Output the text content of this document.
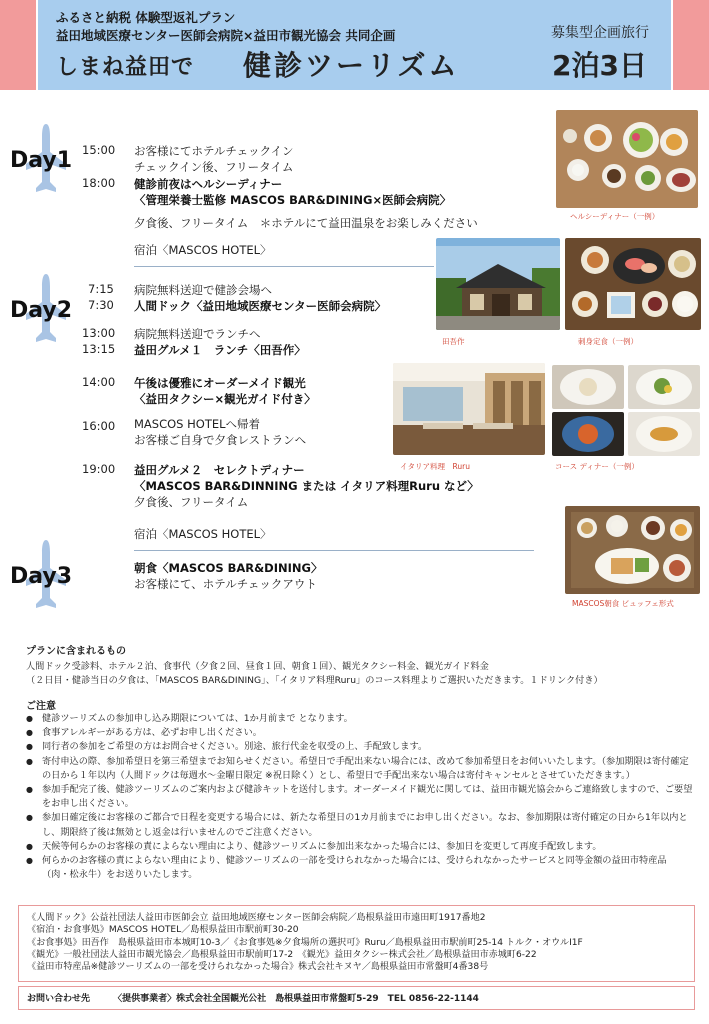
ふるさと納税 体験型返礼プラン
益田地域医療センター医師会病院×益田市観光協会 共同企画
しまね益田で 健診ツーリズム
募集型企画旅行
2泊3日
Day1
Day2
Day3
15:00	お客様にてホテルチェックイン
チェックイン後、フリータイム
18:00	健診前夜はヘルシーディナー
〈管理栄養士監修 MASCOS BAR&DINING×医師会病院〉
夕食後、フリータイム　＊ホテルにて益田温泉をお楽しみください
宿泊〈MASCOS HOTEL〉
7:15	病院無料送迎で健診会場へ
7:30	人間ドック〈益田地域医療センター医師会病院〉
13:00	病院無料送迎でランチへ
13:15	益田グルメ１　ランチ〈田吾作〉
14:00	午後は優雅にオーダーメイド観光
〈益田タクシー×観光ガイド付き〉
16:00	MASCOS HOTELへ帰着
お客様ご自身で夕食レストランへ
19:00	益田グルメ２　セレクトディナー
〈MASCOS BAR&DINNING または イタリア料理Ruru など〉
夕食後、フリータイム
宿泊〈MASCOS HOTEL〉
朝食〈MASCOS BAR&DINING〉
お客様にて、ホテルチェックアウト
ヘルシーディナー（一例）
田吾作	刺身定食（一例）
イタリア料理　Ruru	コース ディナー（一例）
MASCOS朝食 ビュッフェ形式
プランに含まれるもの
人間ドック受診料、ホテル２泊、食事代（夕食２回、昼食１回、朝食１回）、観光タクシー料金、観光ガイド料金
（２日目・健診当日の夕食は、「MASCOS BAR&DINING」、「イタリア料理Ruru」のコース料理よりご選択いただきます。１ドリンク付き）
ご注意
● 健診ツーリズムの参加申し込み期限については、1か月前まで となります。
● 食事アレルギーがある方は、必ずお申し出ください。
● 同行者の参加をご希望の方はお問合せください。別途、旅行代金を収受の上、手配致します。
● 寄付申込の際、参加希望日を第三希望までお知らせください。希望日で手配出来ない場合には、改めて参加希望日をお伺いいたします。（参加期限は寄付確定の日から１年以内（人間ドックは毎週水～金曜日限定 ※祝日除く）とし、希望日で手配出来ない場合は寄付キャンセルとさせていただきます。）
● 参加手配完了後、健診ツーリズムのご案内および健診キットを送付します。オーダーメイド観光に関しては、益田市観光協会からご連絡致しますので、ご要望をお申し出ください。
● 参加日確定後にお客様のご都合で日程を変更する場合には、新たな希望日の1カ月前までにお申し出ください。なお、参加期限は寄付確定の日から1年以内とし、期限終了後は無効とし返金は行いませんのでご注意ください。
● 天候等何らかのお客様の責によらない理由により、健診ツーリズムに参加出来なかった場合には、参加日を変更して再度手配致します。
● 何らかのお客様の責によらない理由により、健診ツーリズムの一部を受けられなかった場合には、受けられなかったサービスと同等金額の益田市特産品（肉・松永牛）をお送りいたします。
《人間ドック》公益社団法人益田市医師会立 益田地域医療センター医師会病院／島根県益田市遠田町1917番地2
《宿泊・お食事処》MASCOS HOTEL／島根県益田市駅前町30-20
《お食事処》田吾作　島根県益田市本城町10-3／《お食事処※夕食場所の選択可》Ruru／島根県益田市駅前町25-14 トルク・オウルⅠ1F
《観光》一般社団法人益田市観光協会／島根県益田市駅前町17-2　《観光》益田タクシー株式会社／島根県益田市赤城町6-22
《益田市特産品※健診ツーリズムの一部を受けられなかった場合》株式会社キヌヤ／島根県益田市常盤町4番38号
お問い合わせ先	〈提供事業者〉株式会社全国観光公社　島根県益田市常盤町5-29　TEL 0856-22-1144
